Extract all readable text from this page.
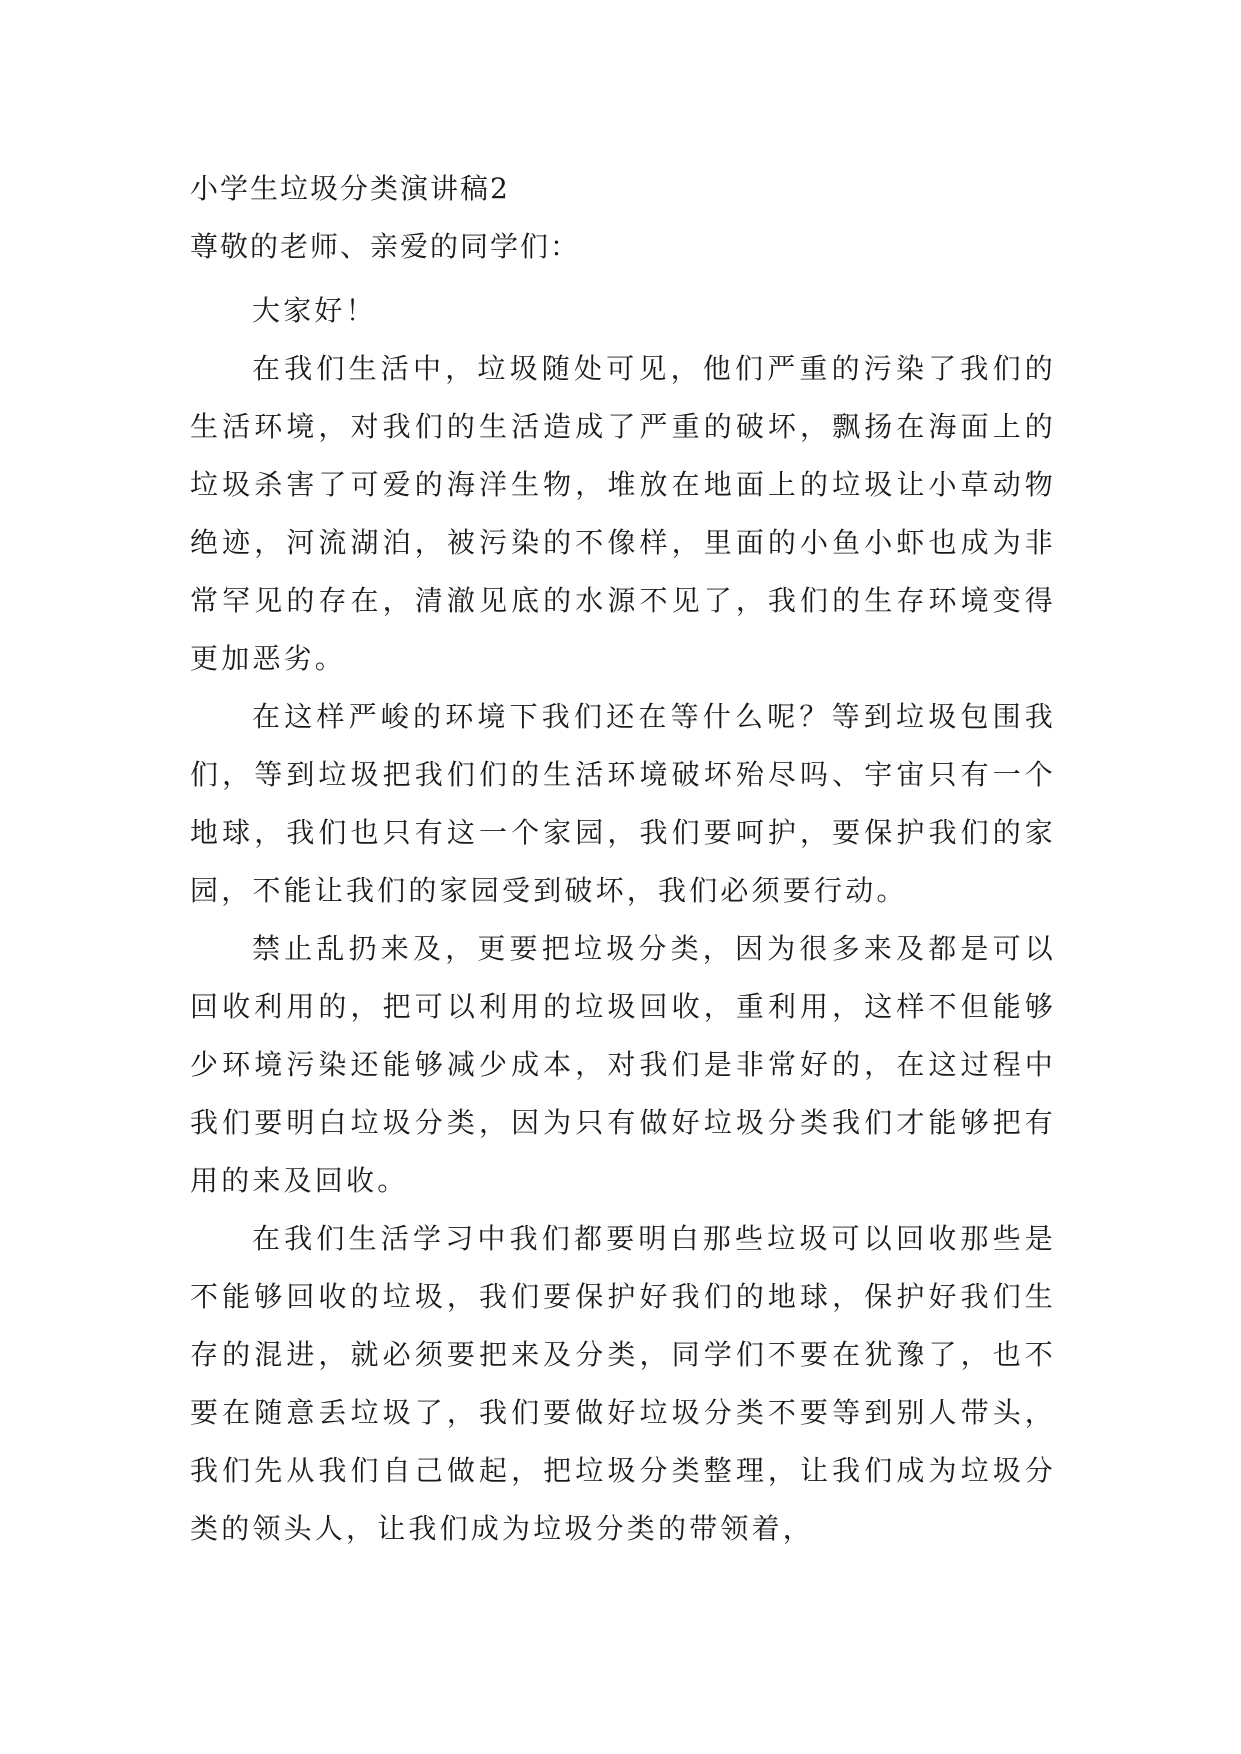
小学生垃圾分类演讲稿2

尊敬的老师、亲爱的同学们：

大家好！

在我们生活中，垃圾随处可见，他们严重的污染了我们的生活环境，对我们的生活造成了严重的破坏，飘扬在海面上的垃圾杀害了可爱的海洋生物，堆放在地面上的垃圾让小草动物绝迹，河流湖泊，被污染的不像样，里面的小鱼小虾也成为非常罕见的存在，清澈见底的水源不见了，我们的生存环境变得更加恶劣。

在这样严峻的环境下我们还在等什么呢？等到垃圾包围我们，等到垃圾把我们们的生活环境破坏殆尽吗、宇宙只有一个地球，我们也只有这一个家园，我们要呵护，要保护我们的家园，不能让我们的家园受到破坏，我们必须要行动。

禁止乱扔来及，更要把垃圾分类，因为很多来及都是可以回收利用的，把可以利用的垃圾回收，重利用，这样不但能够少环境污染还能够减少成本，对我们是非常好的，在这过程中我们要明白垃圾分类，因为只有做好垃圾分类我们才能够把有用的来及回收。

在我们生活学习中我们都要明白那些垃圾可以回收那些是不能够回收的垃圾，我们要保护好我们的地球，保护好我们生存的混进，就必须要把来及分类，同学们不要在犹豫了，也不要在随意丢垃圾了，我们要做好垃圾分类不要等到别人带头，我们先从我们自己做起，把垃圾分类整理，让我们成为垃圾分类的领头人，让我们成为垃圾分类的带领着，
